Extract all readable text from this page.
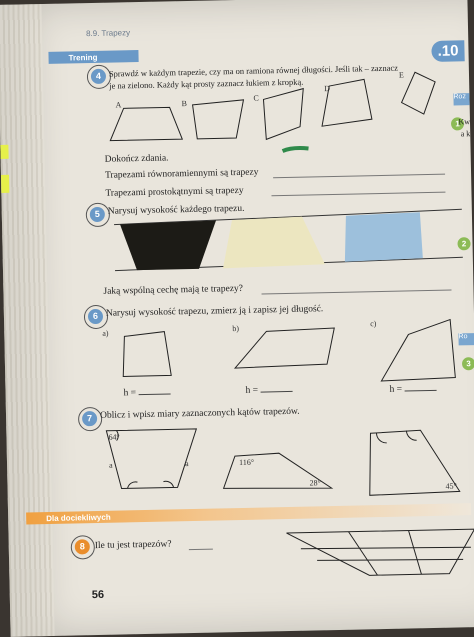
8.9. Trapezy
.10
Trening
4 Sprawdź w każdym trapezie, czy ma on ramiona równej długości. Jeśli tak – zaznacz
je na zielono. Każdy kąt prosty zaznacz łukiem z kropką.
A	B
C
D
E
Dokończ zdania.
Trapezami równoramiennymi są trapezy
Trapezami prostokątnymi są trapezy
5 Narysuj wysokość każdego trapezu.
Jaką wspólną cechę mają te trapezy?
6 Narysuj wysokość trapezu, zmierz ją i zapisz jej długość.
a)
b)
c)
h =	h =	h =
7 Oblicz i wpisz miary zaznaczonych kątów trapezów.
64°
a	a	116°
28°	45°
Dla dociekliwych
8	Ile tu jest trapezów?
56
Roz
1
Kw
a k
2
Ro
3
